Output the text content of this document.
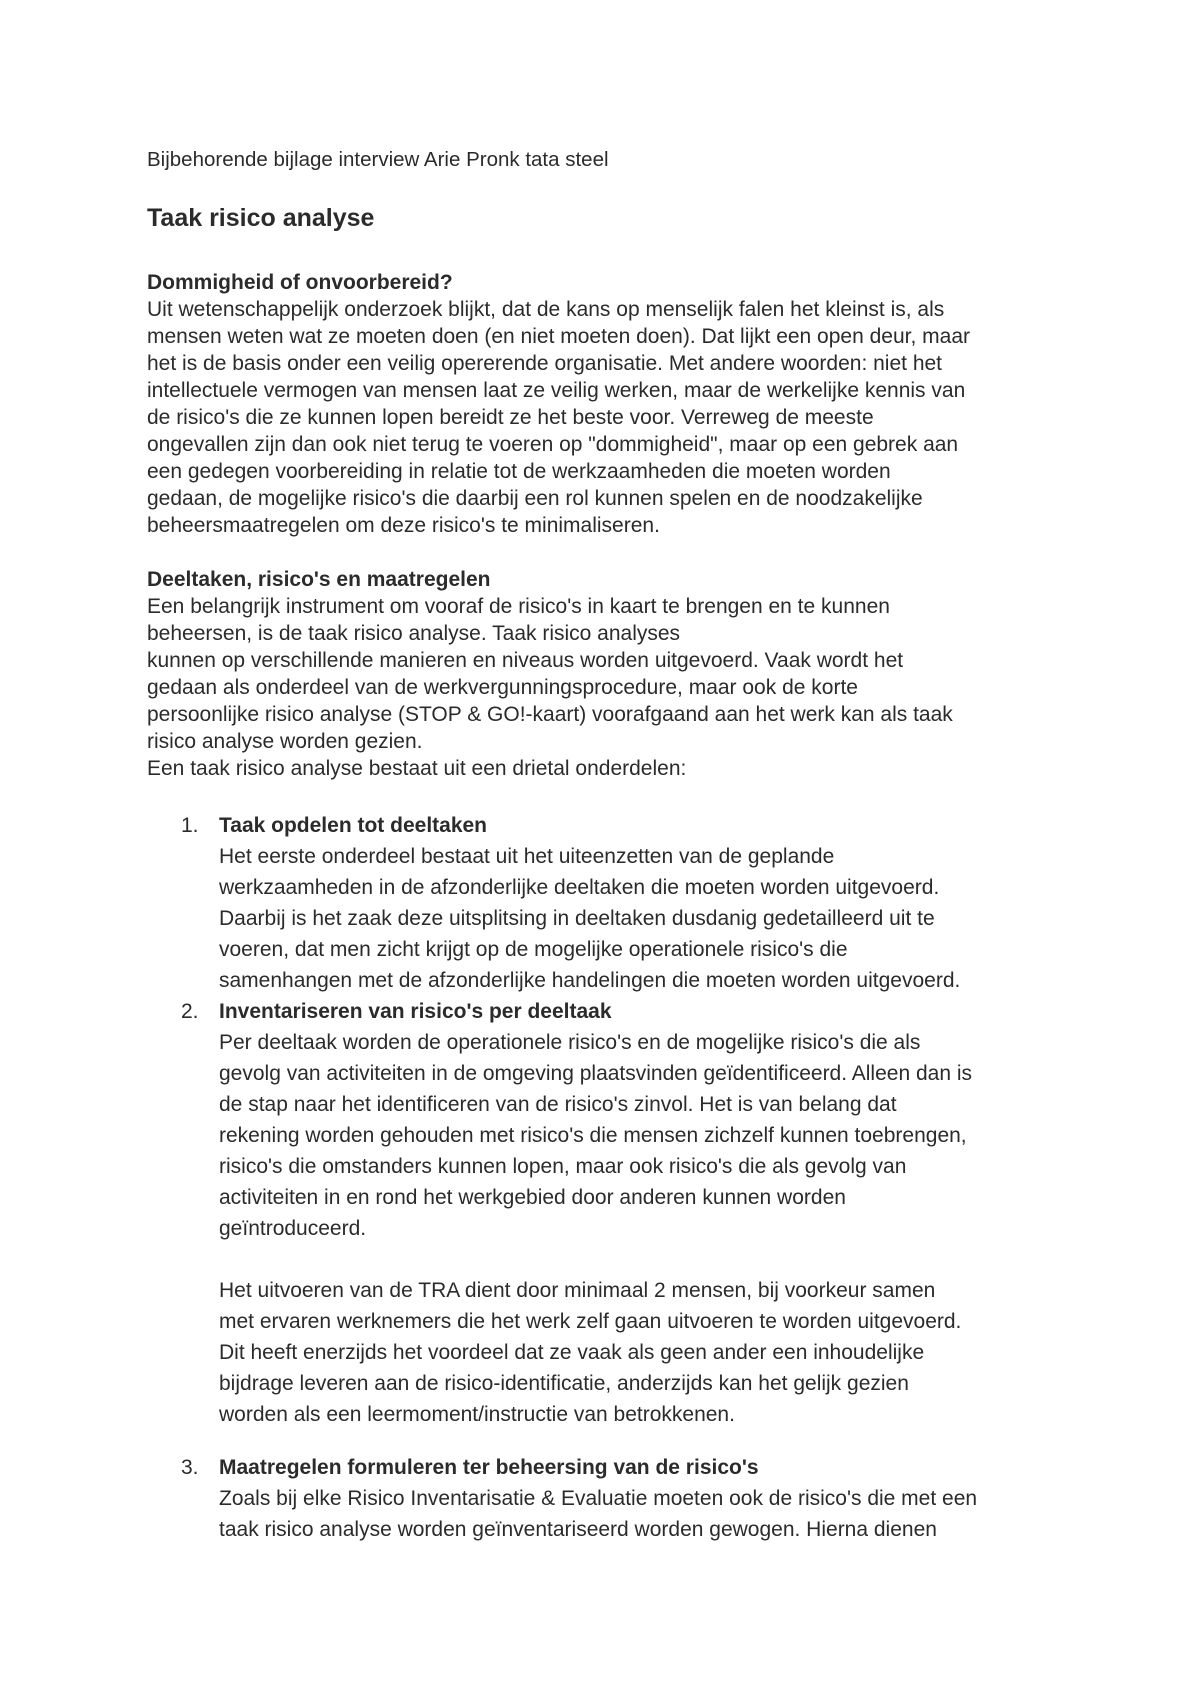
Bijbehorende bijlage interview Arie Pronk tata steel

Taak risico analyse
Dommigheid of onvoorbereid?

Uit wetenschappelijk onderzoek blijkt, dat de kans op menselijk falen het kleinst is, als
mensen weten wat ze moeten doen (en niet moeten doen). Dat lijkt een open deur, maar
het is de basis onder een veilig opererende organisatie. Met andere woorden: niet het
intellectuele vermogen van mensen laat ze veilig werken, maar de werkelijke kennis van
de risico's die ze kunnen lopen bereidt ze het beste voor. Verreweg de meeste
ongevallen zijn dan ook niet terug te voeren op "dommigheid", maar op een gebrek aan
een gedegen voorbereiding in relatie tot de werkzaamheden die moeten worden
gedaan, de mogelijke risico's die daarbij een rol kunnen spelen en de noodzakelijke
beheersmaatregelen om deze risico's te minimaliseren.

Deeltaken, risico's en maatregelen

Een belangrijk instrument om vooraf de risico's in kaart te brengen en te kunnen
beheersen, is de taak risico analyse. Taak risico analyses
kunnen op verschillende manieren en niveaus worden uitgevoerd. Vaak wordt het
gedaan als onderdeel van de werkvergunningsprocedure, maar ook de korte
persoonlijke risico analyse (STOP & GO!-kaart) voorafgaand aan het werk kan als taak
risico analyse worden gezien.
Een taak risico analyse bestaat uit een drietal onderdelen:

1. Taak opdelen tot deeltaken

Het eerste onderdeel bestaat uit het uiteenzetten van de geplande
werkzaamheden in de afzonderlijke deeltaken die moeten worden uitgevoerd.
Daarbij is het zaak deze uitsplitsing in deeltaken dusdanig gedetailleerd uit te
voeren, dat men zicht krijgt op de mogelijke operationele risico's die
samenhangen met de afzonderlijke handelingen die moeten worden uitgevoerd.

2. Inventariseren van risico's per deeltaak

Per deeltaak worden de operationele risico's en de mogelijke risico's die als
gevolg van activiteiten in de omgeving plaatsvinden geïdentificeerd. Alleen dan is
de stap naar het identificeren van de risico's zinvol. Het is van belang dat
rekening worden gehouden met risico's die mensen zichzelf kunnen toebrengen,
risico's die omstanders kunnen lopen, maar ook risico's die als gevolg van
activiteiten in en rond het werkgebied door anderen kunnen worden
geïntroduceerd.

Het uitvoeren van de TRA dient door minimaal 2 mensen, bij voorkeur samen
met ervaren werknemers die het werk zelf gaan uitvoeren te worden uitgevoerd.
Dit heeft enerzijds het voordeel dat ze vaak als geen ander een inhoudelijke
bijdrage leveren aan de risico-identificatie, anderzijds kan het gelijk gezien
worden als een leermoment/instructie van betrokkenen.

3. Maatregelen formuleren ter beheersing van de risico's

Zoals bij elke Risico Inventarisatie & Evaluatie moeten ook de risico's die met een
taak risico analyse worden geïnventariseerd worden gewogen. Hierna dienen
